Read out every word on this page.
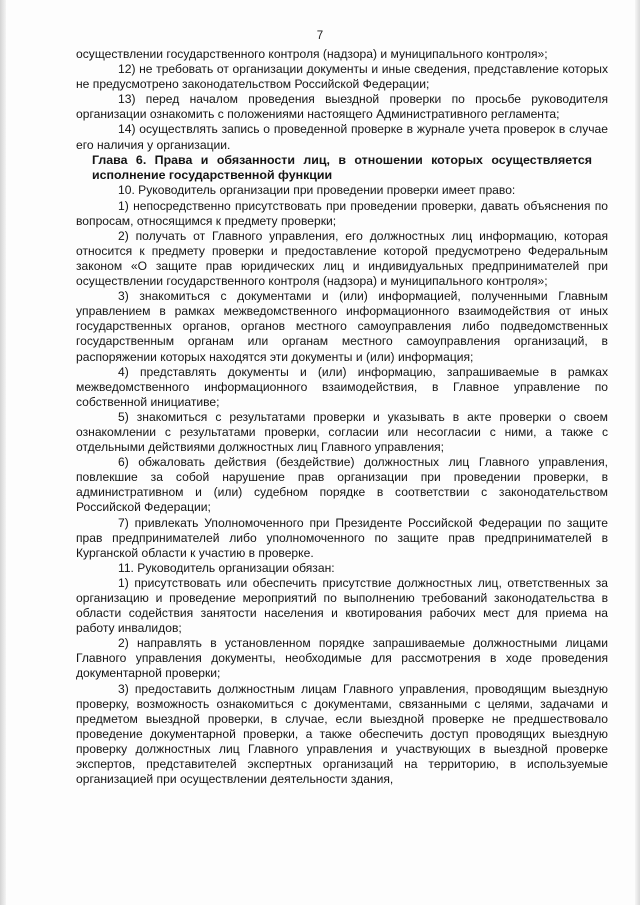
7

осуществлении государственного контроля (надзора) и муниципального контроля»;

12) не требовать от организации документы и иные сведения, представление которых не предусмотрено законодательством Российской Федерации;

13) перед началом проведения выездной проверки по просьбе руководителя организации ознакомить с положениями настоящего Административного регламента;

14) осуществлять запись о проведенной проверке в журнале учета проверок в случае его наличия у организации.

Глава 6. Права и обязанности лиц, в отношении которых осуществляется исполнение государственной функции

10. Руководитель организации при проведении проверки имеет право:

1) непосредственно присутствовать при проведении проверки, давать объяснения по вопросам, относящимся к предмету проверки;

2) получать от Главного управления, его должностных лиц информацию, которая относится к предмету проверки и предоставление которой предусмотрено Федеральным законом «О защите прав юридических лиц и индивидуальных предпринимателей при осуществлении государственного контроля (надзора) и муниципального контроля»;

3) знакомиться с документами и (или) информацией, полученными Главным управлением в рамках межведомственного информационного взаимодействия от иных государственных органов, органов местного самоуправления либо подведомственных государственным органам или органам местного самоуправления организаций, в распоряжении которых находятся эти документы и (или) информация;

4) представлять документы и (или) информацию, запрашиваемые в рамках межведомственного информационного взаимодействия, в Главное управление по собственной инициативе;

5) знакомиться с результатами проверки и указывать в акте проверки о своем ознакомлении с результатами проверки, согласии или несогласии с ними, а также с отдельными действиями должностных лиц Главного управления;

6) обжаловать действия (бездействие) должностных лиц Главного управления, повлекшие за собой нарушение прав организации при проведении проверки, в административном и (или) судебном порядке в соответствии с законодательством Российской Федерации;

7) привлекать Уполномоченного при Президенте Российской Федерации по защите прав предпринимателей либо уполномоченного по защите прав предпринимателей в Курганской области к участию в проверке.

11. Руководитель организации обязан:

1) присутствовать или обеспечить присутствие должностных лиц, ответственных за организацию и проведение мероприятий по выполнению требований законодательства в области содействия занятости населения и квотирования рабочих мест для приема на работу инвалидов;

2) направлять в установленном порядке запрашиваемые должностными лицами Главного управления документы, необходимые для рассмотрения в ходе проведения документарной проверки;

3) предоставить должностным лицам Главного управления, проводящим выездную проверку, возможность ознакомиться с документами, связанными с целями, задачами и предметом выездной проверки, в случае, если выездной проверке не предшествовало проведение документарной проверки, а также обеспечить доступ проводящих выездную проверку должностных лиц Главного управления и участвующих в выездной проверке экспертов, представителей экспертных организаций на территорию, в используемые организацией при осуществлении деятельности здания,
